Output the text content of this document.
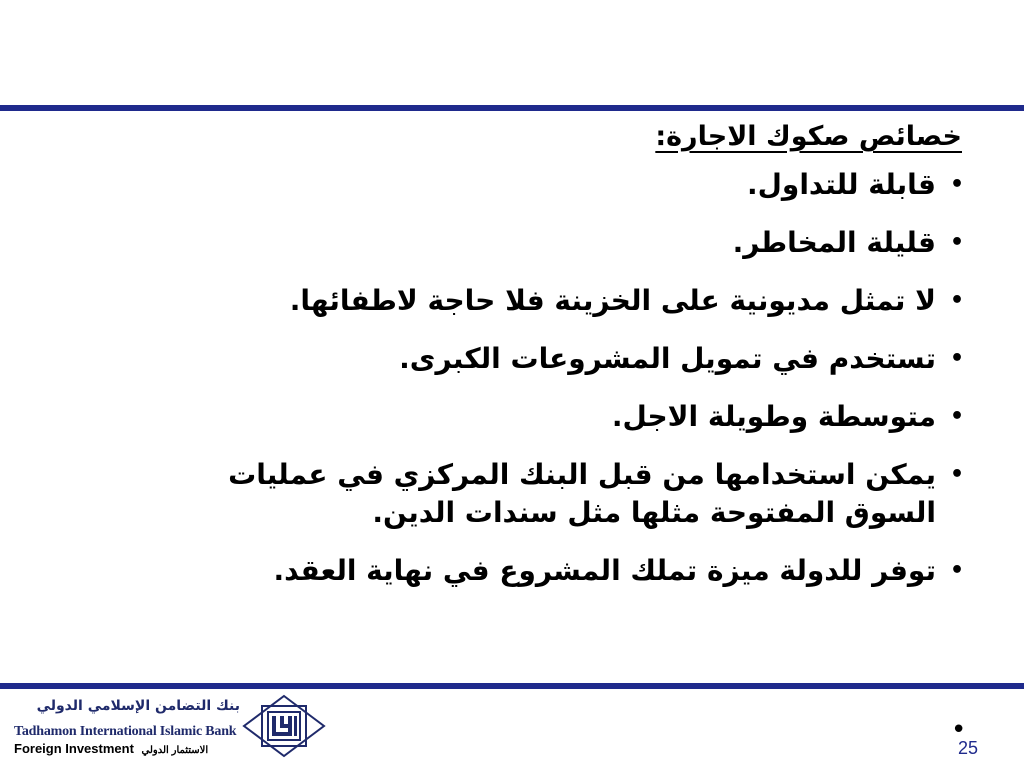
خصائص صكوك الاجارة:
•
قابلة للتداول.
•
قليلة المخاطر.
•
لا تمثل مديونية على الخزينة فلا حاجة لاطفائها.
•
تستخدم في تمويل المشروعات الكبرى.
•
متوسطة وطويلة الاجل.
•
يمكن استخدامها من قبل البنك المركزي في عمليات السوق المفتوحة مثلها مثل سندات الدين.
•
توفر للدولة ميزة تملك المشروع في نهاية العقد.
بنك التضامن الإسلامي الدولي
Tadhamon International Islamic Bank
Foreign Investment الاستثمار الدولي
•
25
